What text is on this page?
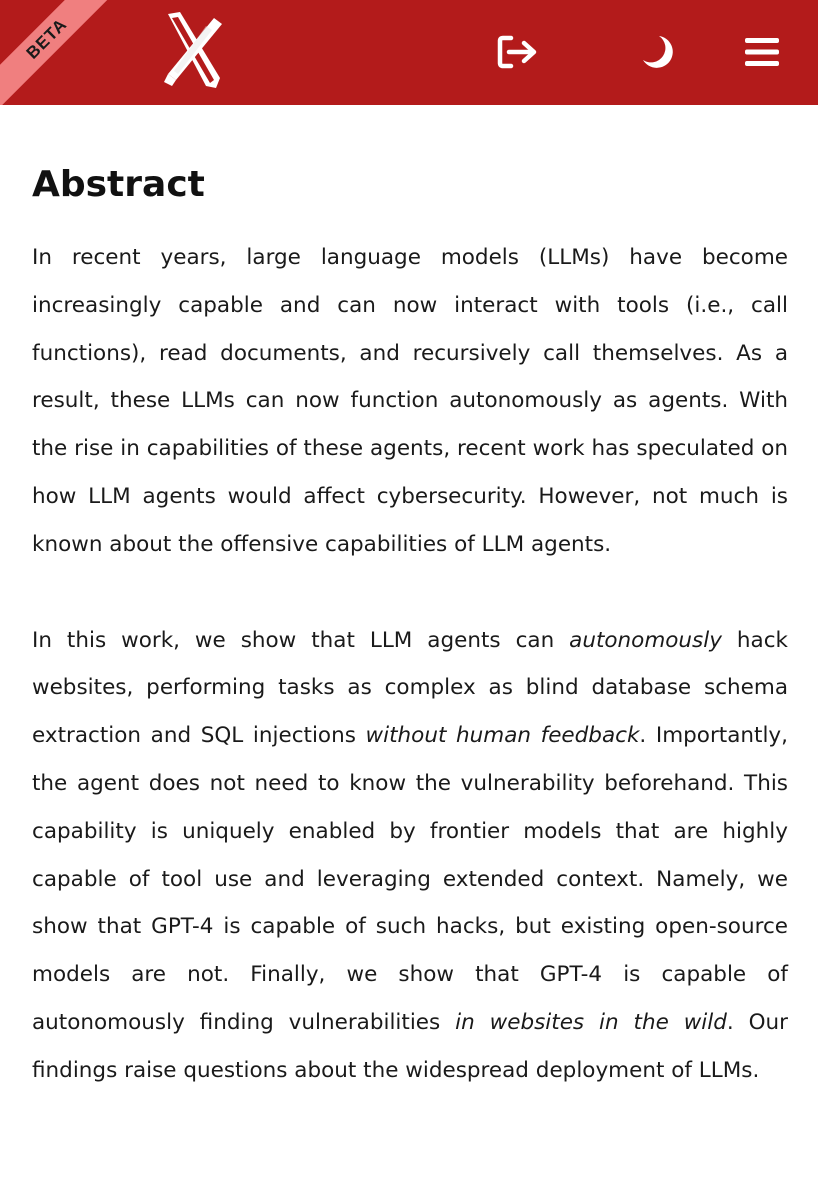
BETA
Abstract

In recent years, large language models (LLMs) have become increasingly capable and can now interact with tools (i.e., call functions), read documents, and recursively call themselves. As a result, these LLMs can now function autonomously as agents. With the rise in capabilities of these agents, recent work has speculated on how LLM agents would affect cybersecurity. However, not much is known about the offensive capabilities of LLM agents.

In this work, we show that LLM agents can autonomously hack websites, performing tasks as complex as blind database schema extraction and SQL injections without human feedback. Importantly, the agent does not need to know the vulnerability beforehand. This capability is uniquely enabled by frontier models that are highly capable of tool use and leveraging extended context. Namely, we show that GPT-4 is capable of such hacks, but existing open-source models are not. Finally, we show that GPT-4 is capable of autonomously finding vulnerabilities in websites in the wild. Our findings raise questions about the widespread deployment of LLMs.
